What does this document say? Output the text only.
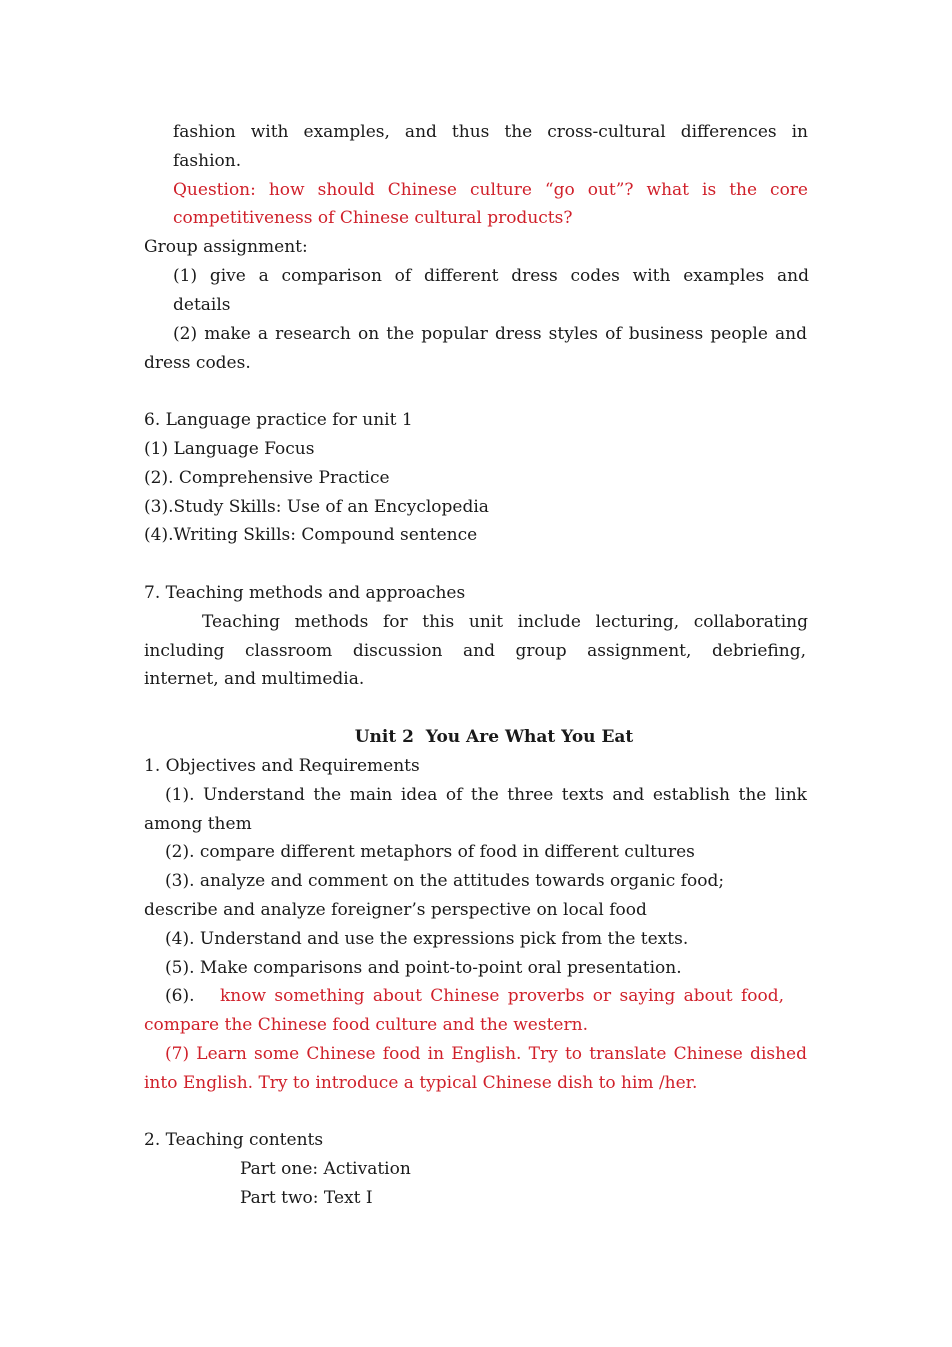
fashion with examples, and thus the cross-cultural differences in
fashion.
Question: how should Chinese culture “go out”? what is the core
competitiveness of Chinese cultural products?
Group assignment:
(1) give a comparison of different dress codes with examples and
details
(2) make a research on the popular dress styles of business people and
dress codes.
6. Language practice for unit 1
(1) Language Focus
(2). Comprehensive Practice
(3).Study Skills: Use of an Encyclopedia
(4).Writing Skills: Compound sentence
7. Teaching methods and approaches
Teaching methods for this unit include lecturing, collaborating
including classroom discussion and group assignment, debriefing,
internet, and multimedia.
Unit 2  You Are What You Eat
1. Objectives and Requirements
(1). Understand the main idea of the three texts and establish the link
among them
(2). compare different metaphors of food in different cultures
(3). analyze and comment on the attitudes towards organic food;
describe and analyze foreigner’s perspective on local food
(4). Understand and use the expressions pick from the texts.
(5). Make comparisons and point-to-point oral presentation.
(6). know something about Chinese proverbs or saying about food,
compare the Chinese food culture and the western.
(7) Learn some Chinese food in English. Try to translate Chinese dished
into English. Try to introduce a typical Chinese dish to him /her.
2. Teaching contents
Part one: Activation
Part two: Text I
